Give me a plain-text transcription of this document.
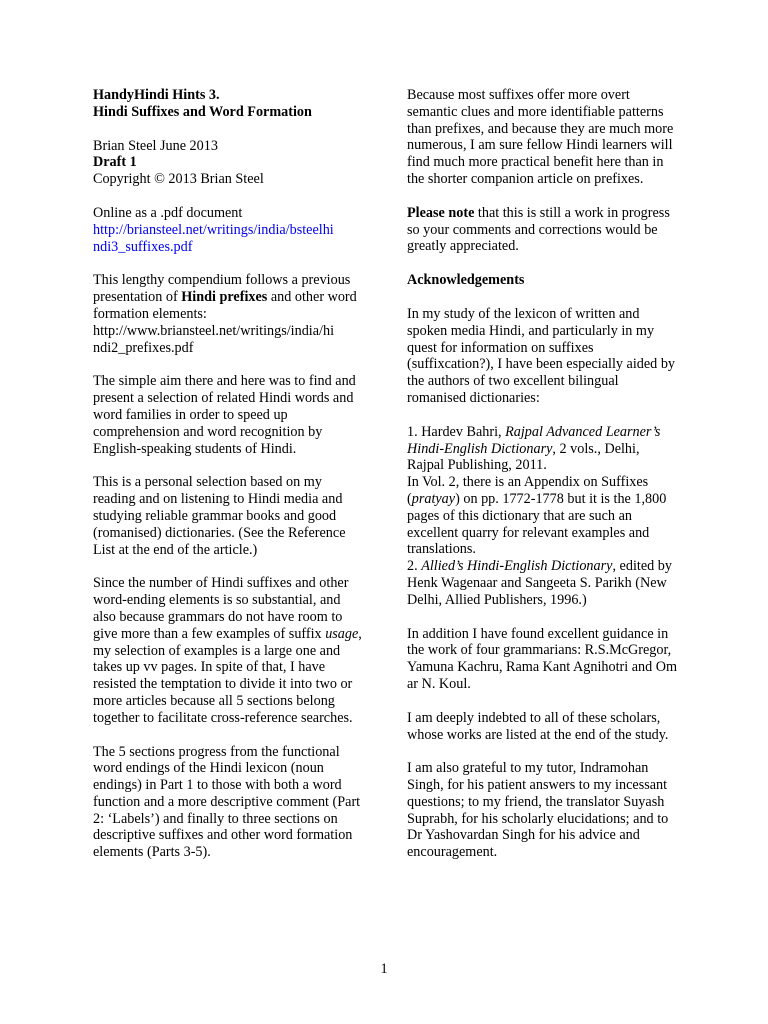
HandyHindi Hints 3.
Hindi Suffixes and Word Formation

Brian Steel June 2013
Draft 1
Copyright © 2013 Brian Steel

Online as a .pdf document
http://briansteel.net/writings/india/bsteelhi
ndi3_suffixes.pdf

This lengthy compendium follows a previous presentation of Hindi prefixes and other word formation elements: http://www.briansteel.net/writings/india/hi ndi2_prefixes.pdf

The simple aim there and here was to find and present a selection of related Hindi words and word families in order to speed up comprehension and word recognition by English-speaking students of Hindi.

This is a personal selection based on my reading and on listening to Hindi media and studying reliable grammar books and good (romanised) dictionaries. (See the Reference List at the end of the article.)

Since the number of Hindi suffixes and other word-ending elements is so substantial, and also because grammars do not have room to give more than a few examples of suffix usage, my selection of examples is a large one and takes up vv pages. In spite of that, I have resisted the temptation to divide it into two or more articles because all 5 sections belong together to facilitate cross-reference searches.

The 5 sections progress from the functional word endings of the Hindi lexicon (noun endings) in Part 1 to those with both a word function and a more descriptive comment (Part 2: ‘Labels’) and finally to three sections on descriptive suffixes and other word formation elements (Parts 3-5).

Because most suffixes offer more overt semantic clues and more identifiable patterns than prefixes, and because they are much more numerous, I am sure fellow Hindi learners will find much more practical benefit here than in the shorter companion article on prefixes.

Please note that this is still a work in progress so your comments and corrections would be greatly appreciated.

Acknowledgements

In my study of the lexicon of written and spoken media Hindi, and particularly in my quest for information on suffixes (suffixcation?), I have been especially aided by the authors of two excellent bilingual romanised dictionaries:

1. Hardev Bahri, Rajpal Advanced Learner’s Hindi-English Dictionary, 2 vols., Delhi, Rajpal Publishing, 2011.
In Vol. 2, there is an Appendix on Suffixes (pratyay) on pp. 1772-1778 but it is the 1,800 pages of this dictionary that are such an excellent quarry for relevant examples and translations.
2. Allied’s Hindi-English Dictionary, edited by Henk Wagenaar and Sangeeta S. Parikh (New Delhi, Allied Publishers, 1996.)

In addition I have found excellent guidance in the work of four grammarians: R.S.McGregor, Yamuna Kachru, Rama Kant Agnihotri and Om ar N. Koul.

I am deeply indebted to all of these scholars, whose works are listed at the end of the study.

I am also grateful to my tutor, Indramohan Singh, for his patient answers to my incessant questions; to my friend, the translator Suyash Suprabh, for his scholarly elucidations; and to Dr Yashovardan Singh for his advice and encouragement.

1
